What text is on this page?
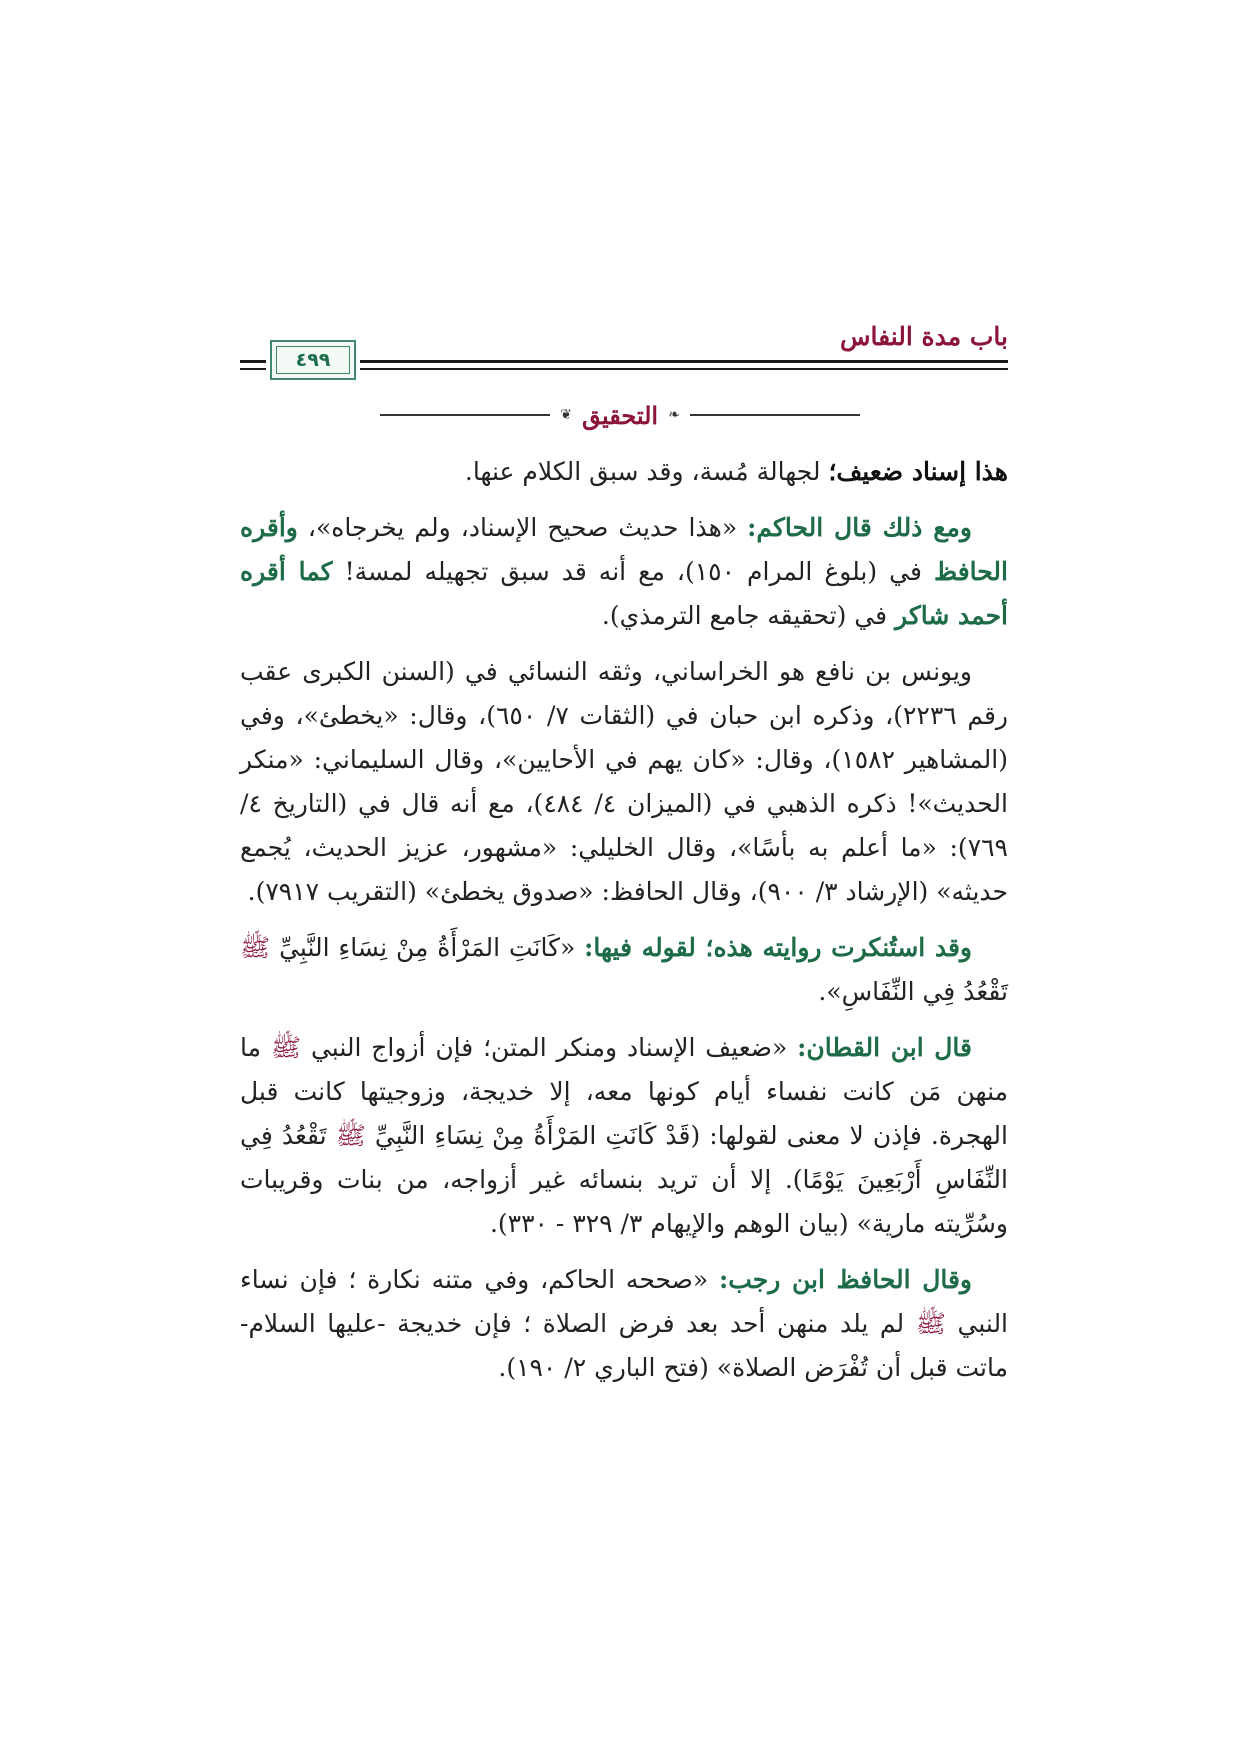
باب مدة النفاس
٤٩٩
❦ التحقيق ❧

هذا إسناد ضعيف؛ لجهالة مُسة، وقد سبق الكلام عنها.

ومع ذلك قال الحاكم: «هذا حديث صحيح الإسناد، ولم يخرجاه»، وأقره الحافظ في (بلوغ المرام ١٥٠)، مع أنه قد سبق تجهيله لمسة! كما أقره أحمد شاكر في (تحقيقه جامع الترمذي).

ويونس بن نافع هو الخراساني، وثقه النسائي في (السنن الكبرى عقب رقم ٢٢٣٦)، وذكره ابن حبان في (الثقات ٧/ ٦٥٠)، وقال: «يخطئ»، وفي (المشاهير ١٥٨٢)، وقال: «كان يهم في الأحايين»، وقال السليماني: «منكر الحديث»! ذكره الذهبي في (الميزان ٤/ ٤٨٤)، مع أنه قال في (التاريخ ٤/ ٧٦٩): «ما أعلم به بأسًا»، وقال الخليلي: «مشهور، عزيز الحديث، يُجمع حديثه» (الإرشاد ٣/ ٩٠٠)، وقال الحافظ: «صدوق يخطئ» (التقريب ٧٩١٧).

وقد استُنكرت روايته هذه؛ لقوله فيها: «كَانَتِ المَرْأَةُ مِنْ نِسَاءِ النَّبِيِّ ﷺ تَقْعُدُ فِي النِّفَاسِ».

قال ابن القطان: «ضعيف الإسناد ومنكر المتن؛ فإن أزواج النبي ﷺ ما منهن مَن كانت نفساء أيام كونها معه، إلا خديجة، وزوجيتها كانت قبل الهجرة. فإذن لا معنى لقولها: (قَدْ كَانَتِ المَرْأَةُ مِنْ نِسَاءِ النَّبِيِّ ﷺ تَقْعُدُ فِي النِّفَاسِ أَرْبَعِينَ يَوْمًا). إلا أن تريد بنسائه غير أزواجه، من بنات وقريبات وسُرِّيته مارية» (بيان الوهم والإيهام ٣/ ٣٢٩ - ٣٣٠).

وقال الحافظ ابن رجب: «صححه الحاكم، وفي متنه نكارة ؛ فإن نساء النبي ﷺ لم يلد منهن أحد بعد فرض الصلاة ؛ فإن خديجة -عليها السلام- ماتت قبل أن تُفْرَض الصلاة» (فتح الباري ٢/ ١٩٠).
